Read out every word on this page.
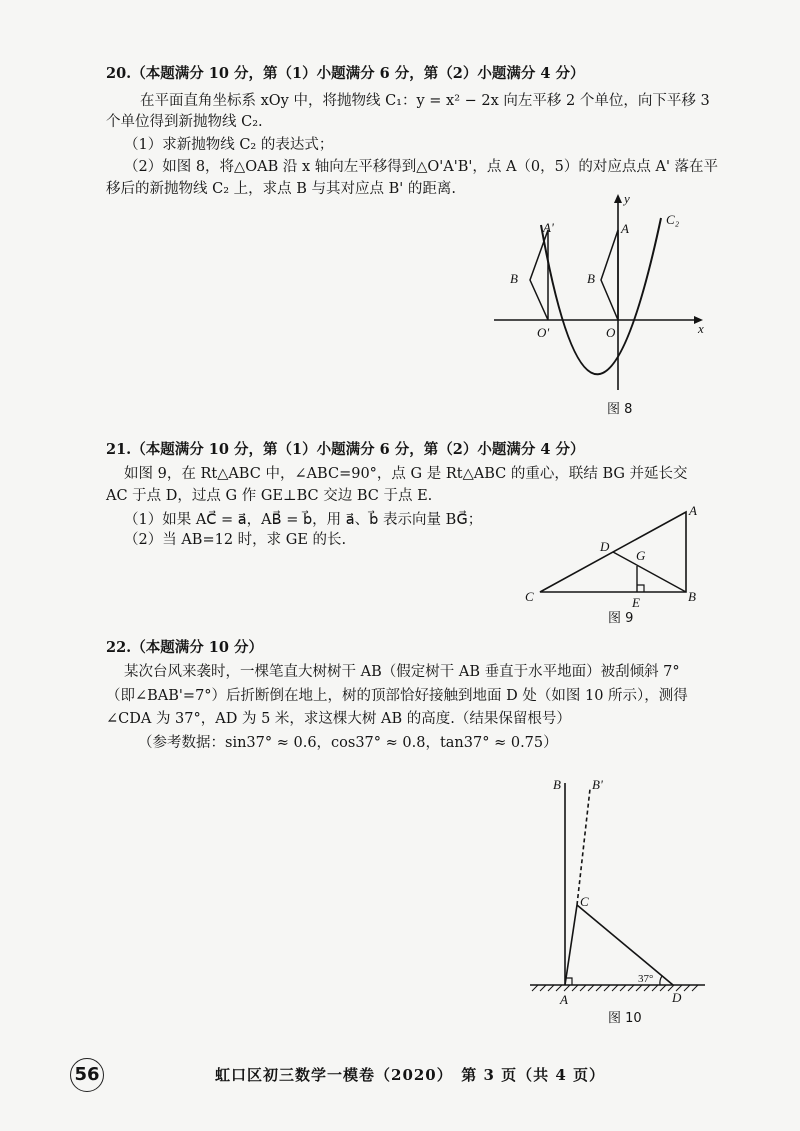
20.（本题满分 10 分，第（1）小题满分 6 分，第（2）小题满分 4 分）
在平面直角坐标系 xOy 中，将抛物线 C₁：y = x² − 2x 向左平移 2 个单位，向下平移 3
个单位得到新抛物线 C₂.
（1）求新抛物线 C₂ 的表达式；
（2）如图 8，将△OAB 沿 x 轴向左平移得到△O'A'B'，点 A（0，5）的对应点点 A' 落在平
移后的新抛物线 C₂ 上，求点 B 与其对应点 B' 的距离.
A'
B
O'
A
B
O
y
x
C₂
图 8
21.（本题满分 10 分，第（1）小题满分 6 分，第（2）小题满分 4 分）
如图 9，在 Rt△ABC 中，∠ABC=90°，点 G 是 Rt△ABC 的重心，联结 BG 并延长交
AC 于点 D，过点 G 作 GE⊥BC 交边 BC 于点 E.
（1）如果 AC⃗ = a⃗，AB⃗ = b⃗，用 a⃗、b⃗ 表示向量 BG⃗；
（2）当 AB=12 时，求 GE 的长.
A
B
C
D
G
E
图 9
22.（本题满分 10 分）
某次台风来袭时，一棵笔直大树树干 AB（假定树干 AB 垂直于水平地面）被刮倾斜 7°
（即∠BAB'=7°）后折断倒在地上，树的顶部恰好接触到地面 D 处（如图 10 所示），测得
∠CDA 为 37°，AD 为 5 米，求这棵大树 AB 的高度.（结果保留根号）
（参考数据：sin37° ≈ 0.6，cos37° ≈ 0.8，tan37° ≈ 0.75）
B B'
C
A	D
37°
图 10
56	虹口区初三数学一模卷（2020）　第 3 页（共 4 页）
